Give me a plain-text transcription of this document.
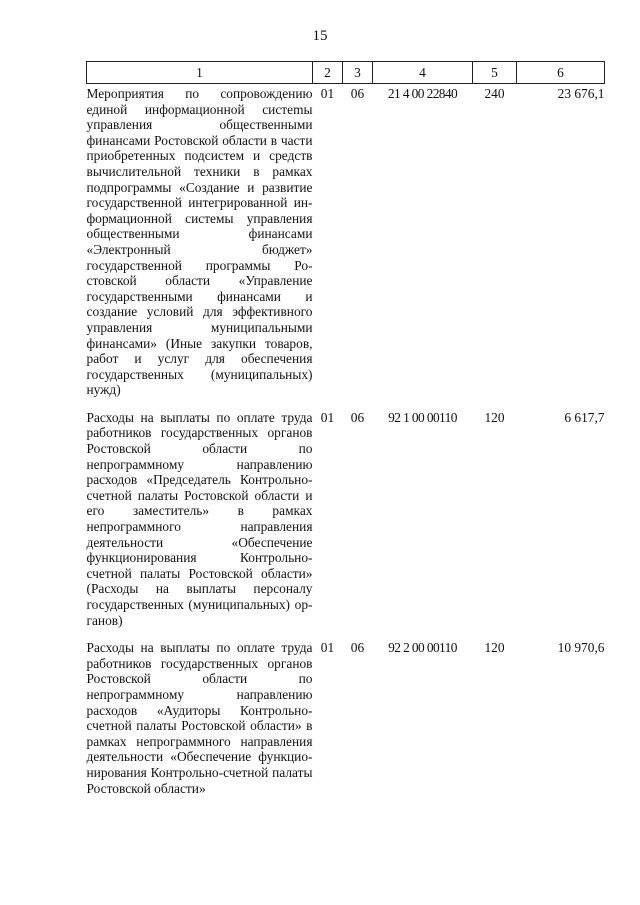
15
1	2	3	4	5	6
Мероприятия по сопровождению единой информационной систеmы управления общественными финансами Ростовской области в части приобретенных подсистем и средств вычислительной техники в рамках подпрограммы «Создание и развитие государственной интегрированной информационной системы управления общественными финансами «Электронный бюджет» государственной программы Ростовской области «Управление государственными финансами и создание условий для эффективного управления муниципальными финансами» (Иные закупки товаров, работ и услуг для обеспечения государственных (муниципальных) нужд)	01	06	21 4 00 22840	240	23 676,1

Расходы на выплаты по оплате труда работников государственных органов Ростовской области по непрограммному направлению расходов «Председатель Контрольно-счетной палаты Ростовской области и его заместитель» в рамках непрограммного направления деятельности «Обеспечение функционирования Контрольно-счетной палаты Ростовской области» (Расходы на выплаты персоналу государственных (муниципальных) органов)	01	06	92 1 00 00110	120	6 617,7

Расходы на выплаты по оплате труда работников государственных органов Ростовской области по непрограммному направлению расходов «Аудиторы Контрольно-счетной палаты Ростовской области» в рамках непрограммного направления деятельности «Обеспечение функционирования Контрольно-счетной палаты Ростовской области»	01	06	92 2 00 00110	120	10 970,6
